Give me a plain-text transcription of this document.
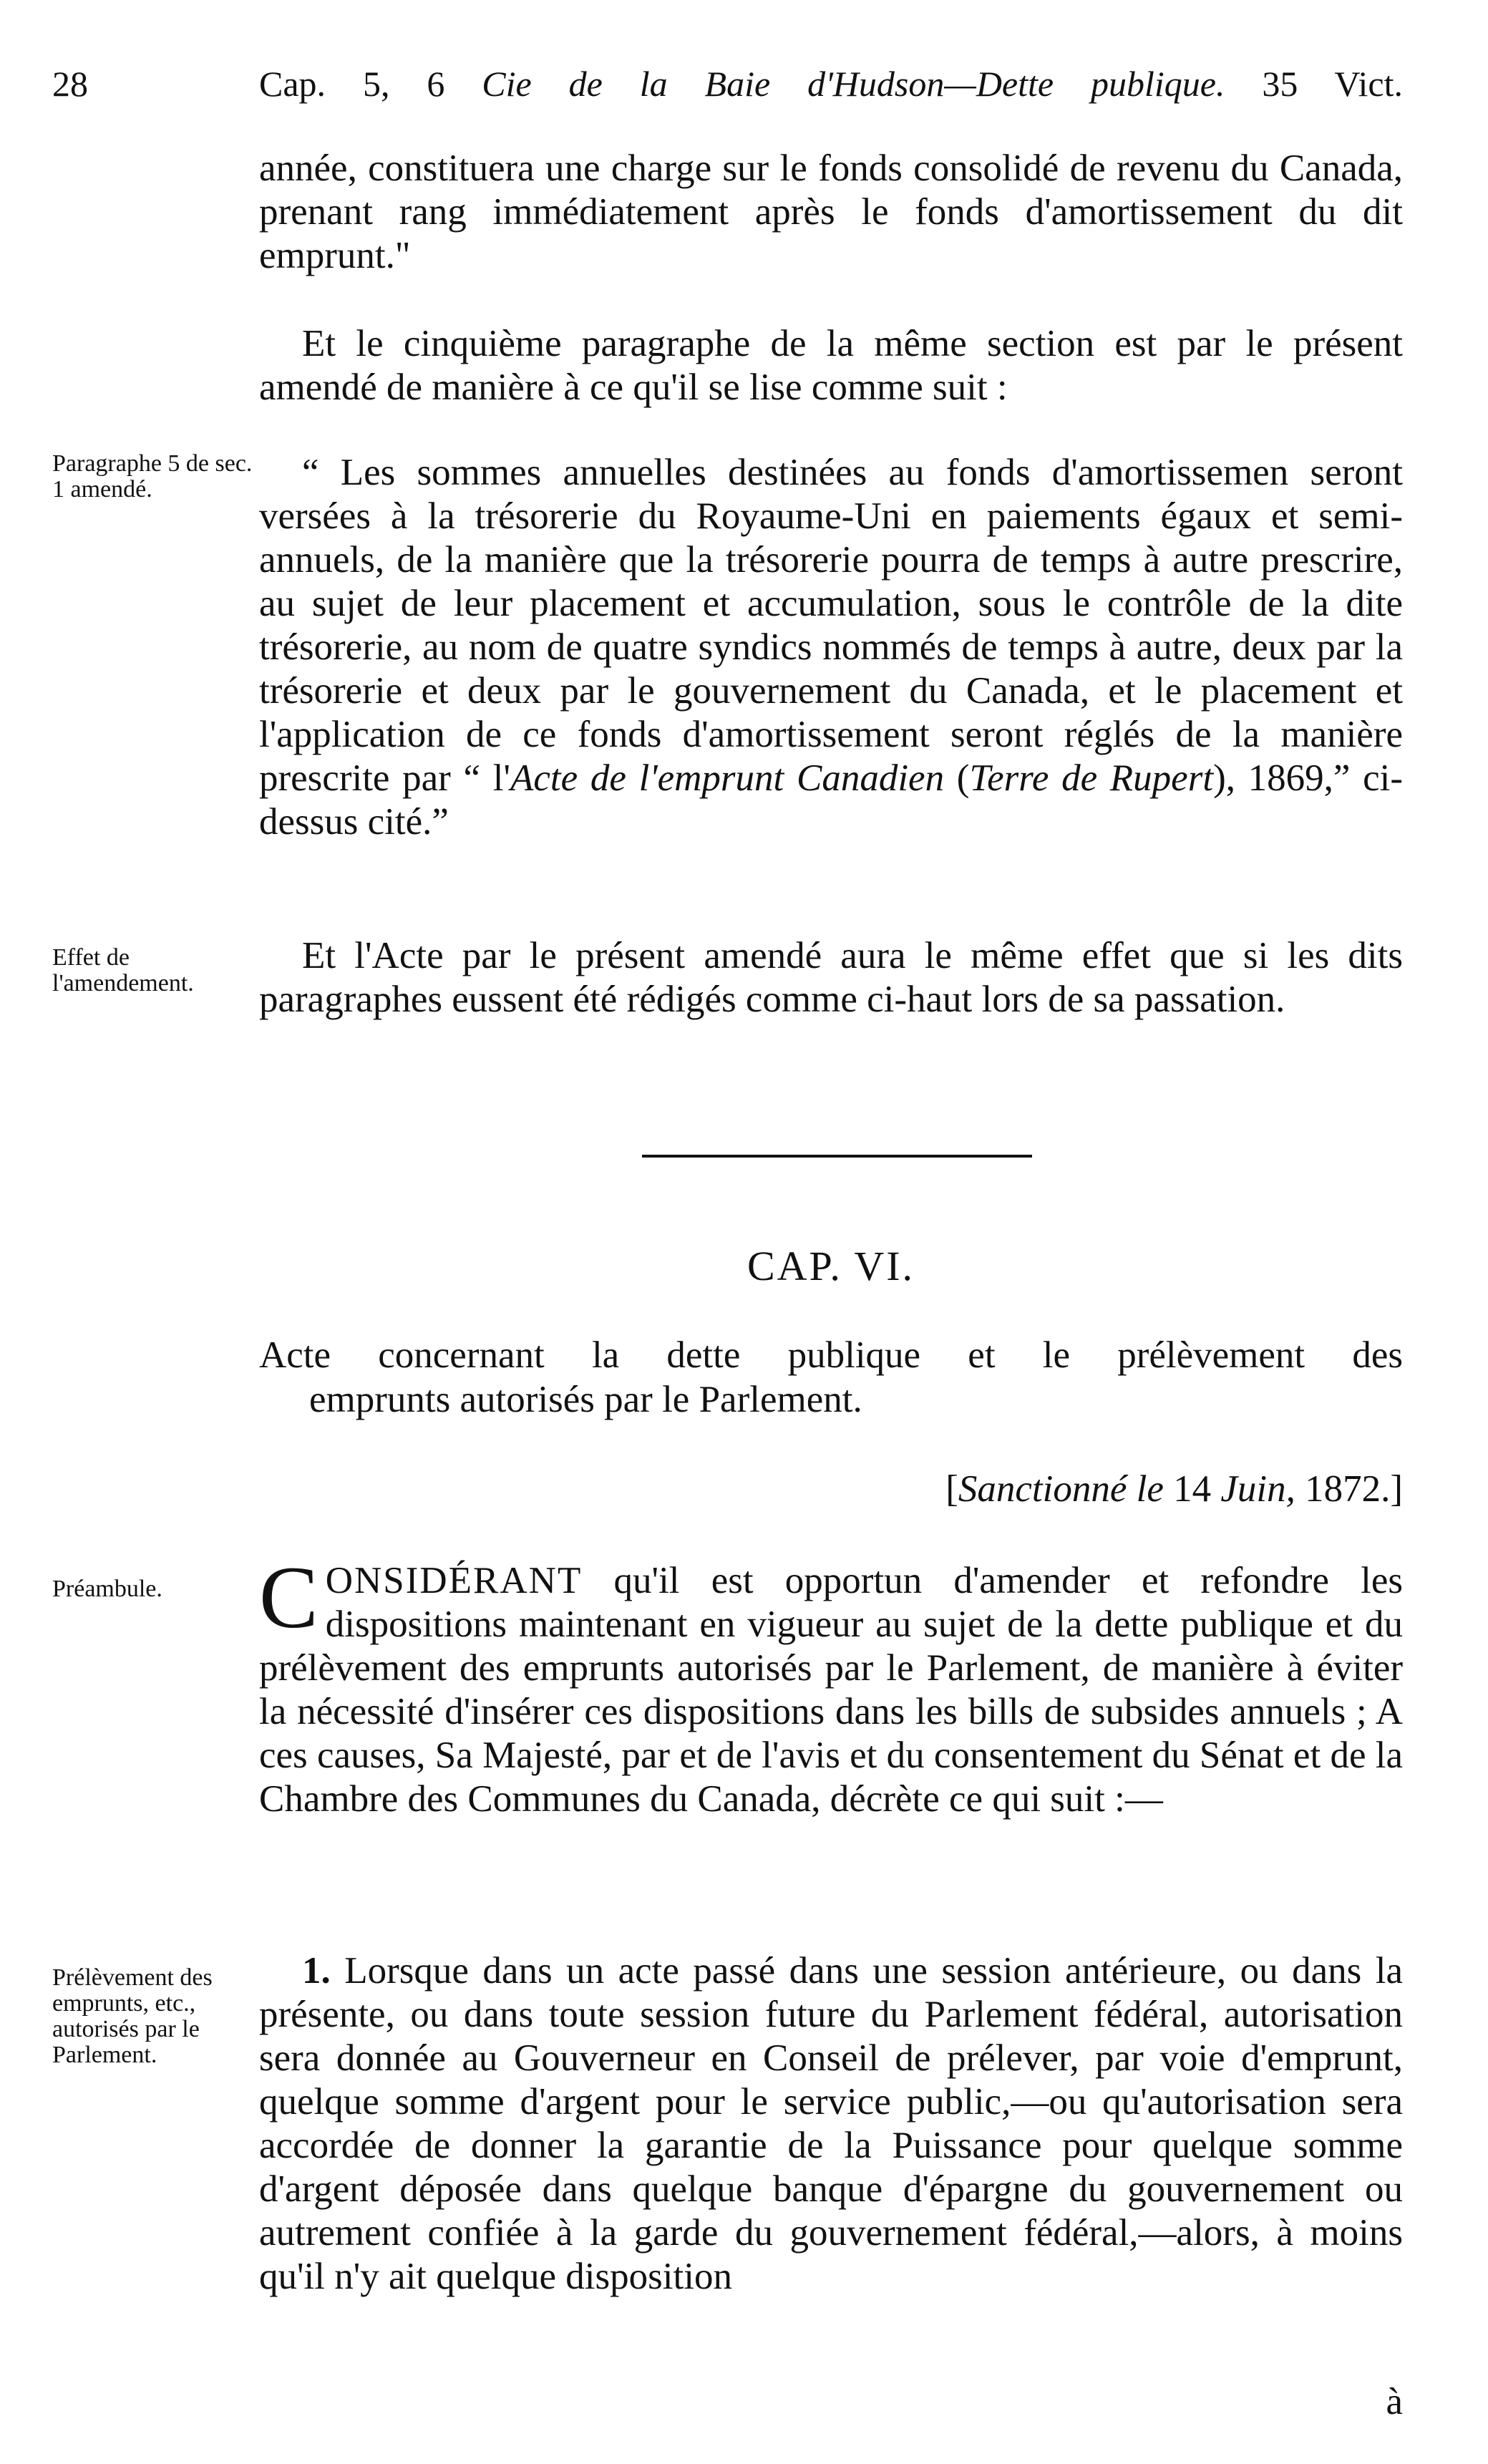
28	Cap. 5, 6 Cie de la Baie d'Hudson—Dette publique. 35 Vict.

année, constituera une charge sur le fonds consolidé de revenu du Canada, prenant rang immédiatement après le fonds d'amortissement du dit emprunt."

Et le cinquième paragraphe de la même section est par le présent amendé de manière à ce qu'il se lise comme suit :

Paragraphe 5 de sec. 1 amendé.	“ Les sommes annuelles destinées au fonds d'amortissemen seront versées à la trésorerie du Royaume-Uni en paiements égaux et semi-annuels, de la manière que la trésorerie pourra de temps à autre prescrire, au sujet de leur placement et accumulation, sous le contrôle de la dite trésorerie, au nom de quatre syndics nommés de temps à autre, deux par la trésorerie et deux par le gouvernement du Canada, et le placement et l'application de ce fonds d'amortissement seront réglés de la manière prescrite par “ l'Acte de l'emprunt Canadien (Terre de Rupert), 1869,” ci-dessus cité.”

Effet de l'amendement.

Et l'Acte par le présent amendé aura le même effet que si les dits paragraphes eussent été rédigés comme ci-haut lors de sa passation.

CAP. VI.
Acte concernant la dette publique et le prélèvement des
emprunts autorisés par le Parlement.
[Sanctionné le 14 Juin, 1872.]
Préambule.	CONSIDÉRANT qu'il est opportun d'amender et refondre les dispositions maintenant en vigueur au sujet de la dette publique et du prélèvement des emprunts autorisés par le Parlement, de manière à éviter la nécessité d'insérer ces dispositions dans les bills de subsides annuels ; A ces causes, Sa Majesté, par et de l'avis et du consentement du Sénat et de la Chambre des Communes du Canada, décrète ce qui suit :—

Prélèvement des emprunts, etc., autorisés par le Parlement.

1. Lorsque dans un acte passé dans une session antérieure, ou dans la présente, ou dans toute session future du Parlement fédéral, autorisation sera donnée au Gouverneur en Conseil de prélever, par voie d'emprunt, quelque somme d'argent pour le service public,—ou qu'autorisation sera accordée de donner la garantie de la Puissance pour quelque somme d'argent déposée dans quelque banque d'épargne du gouvernement ou autrement confiée à la garde du gouvernement fédéral,—alors, à moins qu'il n'y ait quelque disposition

à
